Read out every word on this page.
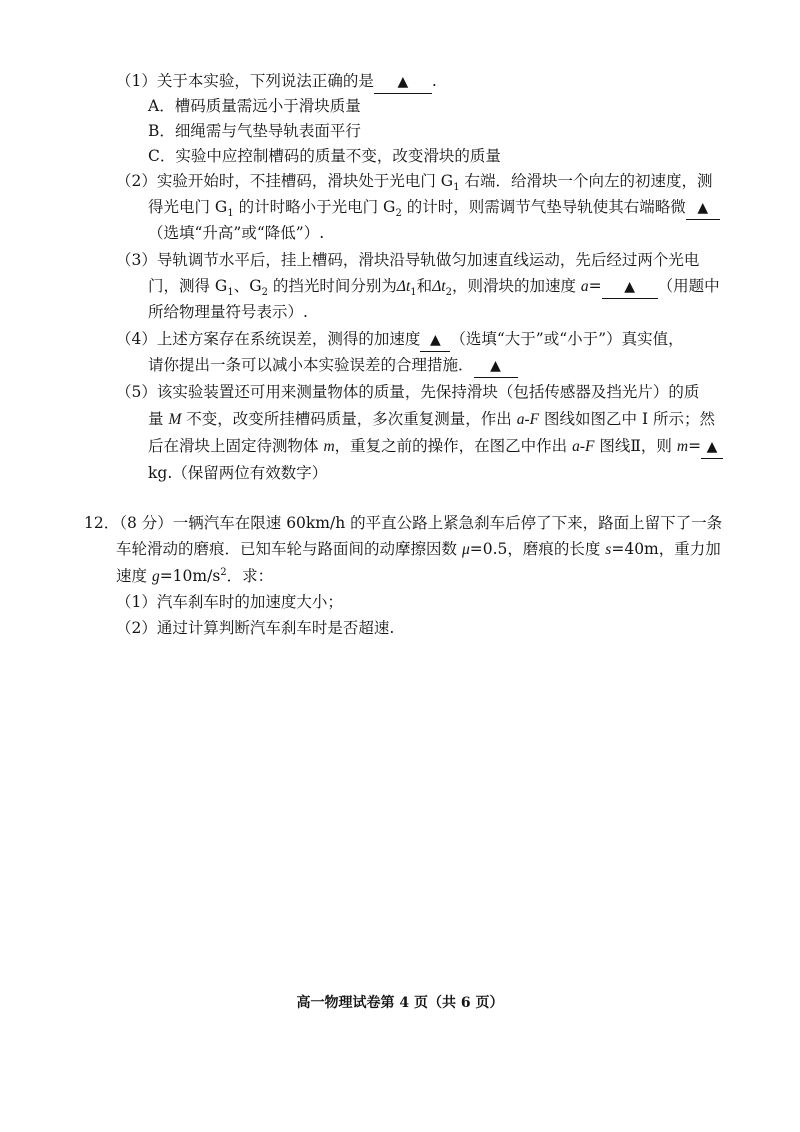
（1）关于本实验，下列说法正确的是 ▲ .
A．槽码质量需远小于滑块质量
B．细绳需与气垫导轨表面平行
C．实验中应控制槽码的质量不变，改变滑块的质量
（2）实验开始时，不挂槽码，滑块处于光电门 $G_1$ 右端．给滑块一个向左的初速度，测
得光电门 $G_1$ 的计时略小于光电门 $G_2$ 的计时，则需调节气垫导轨使其右端略微 ▲
（选填“升高”或“降低”）.
（3）导轨调节水平后，挂上槽码，滑块沿导轨做匀加速直线运动，先后经过两个光电
门，测得 $G_1$、$G_2$ 的挡光时间分别为$\Delta t_1$和$\Delta t_2$，则滑块的加速度 a= ▲ （用题中
所给物理量符号表示）.
（4）上述方案存在系统误差，测得的加速度 ▲ （选填“大于”或“小于”）真实值，
请你提出一条可以减小本实验误差的合理措施． ▲
（5）该实验装置还可用来测量物体的质量，先保持滑块（包括传感器及挡光片）的质
量 M 不变，改变所挂槽码质量，多次重复测量，作出 a-F 图线如图乙中 I 所示；然
后在滑块上固定待测物体 m，重复之前的操作，在图乙中作出 a-F 图线Ⅱ，则 m= ▲
kg.（保留两位有效数字）
12．（8 分）一辆汽车在限速 60km/h 的平直公路上紧急刹车后停了下来，路面上留下了一条
车轮滑动的磨痕．已知车轮与路面间的动摩擦因数 μ=0.5，磨痕的长度 s=40m，重力加
速度 $g=10m/s^2$．求：
（1）汽车刹车时的加速度大小；
（2）通过计算判断汽车刹车时是否超速.
高一物理试卷第 4 页（共 6 页）
